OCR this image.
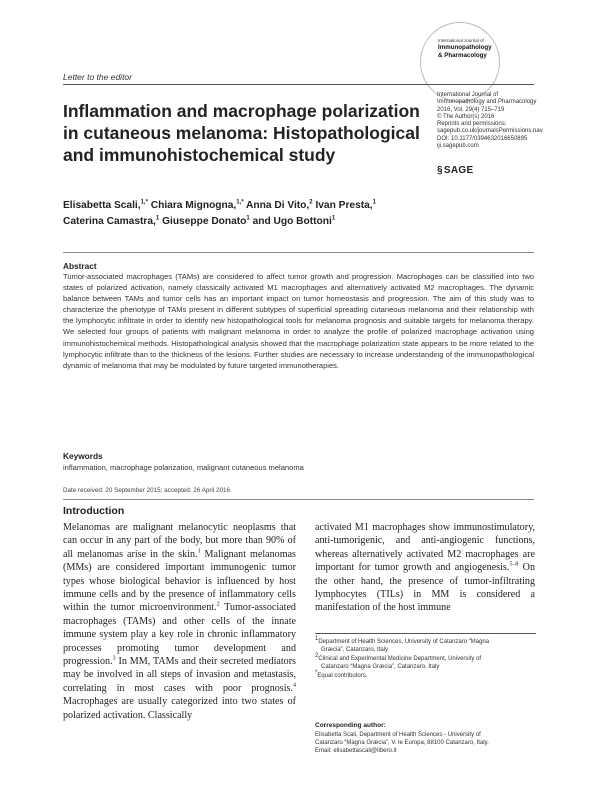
International Journal of
Immunopathology
& Pharmacology
Letter to the editor
Inflammation and macrophage polarization in cutaneous melanoma: Histopathological and immunohistochemical study
International Journal of
Immunopathology and Pharmacology
2016, Vol. 29(4) 715–719
© The Author(s) 2016
Reprints and permissions:
sagepub.co.uk/journalsPermissions.nav
DOI: 10.1177/0394632016650895
iji.sagepub.com
§SAGE
Elisabetta Scali,$^{1,*}$ Chiara Mignogna,$^{1,*}$ Anna Di Vito,$^2$ Ivan Presta,$^1$
Caterina Camastra,$^1$ Giuseppe Donato$^1$ and Ugo Bottoni$^1$
Abstract
Tumor-associated macrophages (TAMs) are considered to affect tumor growth and progression. Macrophages can be classified into two states of polarized activation, namely classically activated M1 macrophages and alternatively activated M2 macrophages. The dynamic balance between TAMs and tumor cells has an important impact on tumor homeostasis and progression. The aim of this study was to characterize the phenotype of TAMs present in different subtypes of superficial spreading cutaneous melanoma and their relationship with the lymphocytic infiltrate in order to identify new histopathological tools for melanoma prognosis and suitable targets for melanoma therapy. We selected four groups of patients with malignant melanoma in order to analyze the profile of polarized macrophage activation using immunohistochemical methods. Histopathological analysis showed that the macrophage polarization state appears to be more related to the lymphocytic infiltrate than to the thickness of the lesions. Further studies are necessary to increase understanding of the immunopathological dynamic of melanoma that may be modulated by future targeted immunotherapies.
Keywords
inflammation, macrophage polarization, malignant cutaneous melanoma
Date received: 20 September 2015; accepted: 26 April 2016
Introduction
Melanomas are malignant melanocytic neoplasms that can occur in any part of the body, but more than 90% of all melanomas arise in the skin.$^1$ Malignant melanomas (MMs) are considered important immunogenic tumor types whose biological behavior is influenced by host immune cells and by the presence of inflammatory cells within the tumor microenvironment.$^2$ Tumor-associated macrophages (TAMs) and other cells of the innate immune system play a key role in chronic inflammatory processes promoting tumor development and progression.$^3$ In MM, TAMs and their secreted mediators may be involved in all steps of invasion and metastasis, correlating in most cases with poor prognosis.$^4$ Macrophages are usually categorized into two states of polarized activation. Classically
activated M1 macrophages show immunostimulatory, anti-tumorigenic, and anti-angiogenic functions, whereas alternatively activated M2 macrophages are important for tumor growth and angiogenesis.$^{5-8}$ On the other hand, the presence of tumor-infiltrating lymphocytes (TILs) in MM is considered a manifestation of the host immune
$^1$Department of Health Sciences, University of Catanzaro “Magna
Græcia”, Catanzaro, Italy
$^2$Clinical and Experimental Medicine Department, University of
Catanzaro “Magna Græcia”, Catanzaro, Italy
*Equal contributors.
Corresponding author:
Elisabetta Scali, Department of Health Sciences - University of
Catanzaro “Magna Græcia”, V. le Europa, 88100 Catanzaro, Italy.
Email: elisabettascali@libero.it
